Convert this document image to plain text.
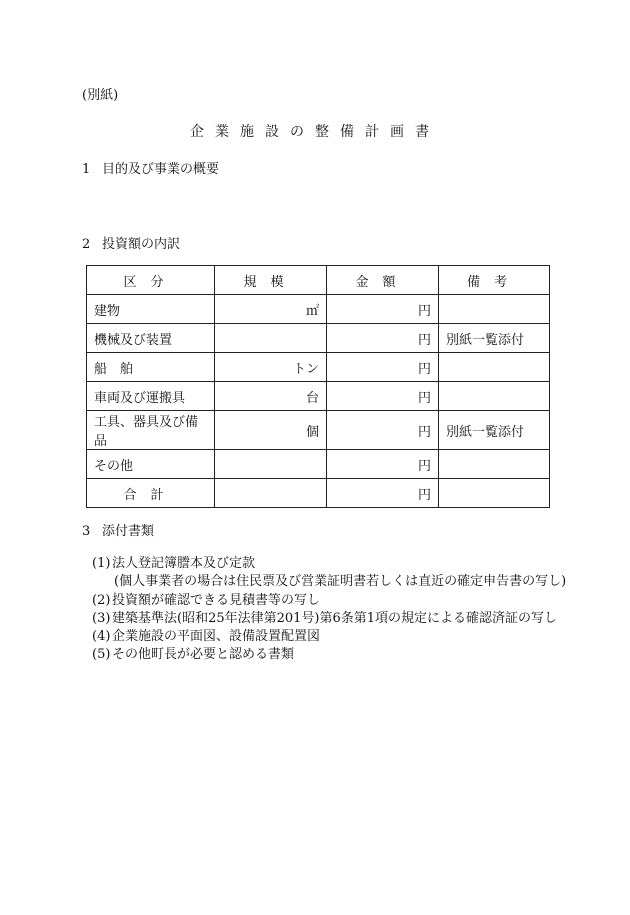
(別紙)
企業施設の整備計画書
1 目的及び事業の概要
2 投資額の内訳
区分	規模	金額	備考
建物	㎡	円	
機械及び装置		円	別紙一覧添付
船　舶	トン	円	
車両及び運搬具	台	円	
工具、器具及び備品	個	円	別紙一覧添付
その他		円	
合計		円	
3 添付書類
(1) 法人登記簿謄本及び定款
(個人事業者の場合は住民票及び営業証明書若しくは直近の確定申告書の写し)
(2) 投資額が確認できる見積書等の写し
(3) 建築基準法(昭和25年法律第201号)第6条第1項の規定による確認済証の写し
(4) 企業施設の平面図、設備設置配置図
(5) その他町長が必要と認める書類
